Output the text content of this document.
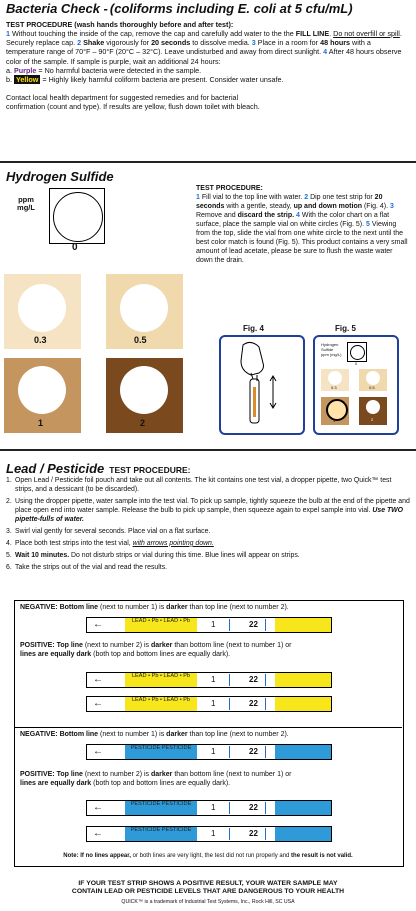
Bacteria Check - (coliforms including E. coli at 5 cfu/mL)

TEST PROCEDURE (wash hands thoroughly before and after test):

1 Without touching the inside of the cap, remove the cap and carefully add water to the the FILL LINE. Do not overfill or spill. Securely replace cap. 2 Shake vigorously for 20 seconds to dissolve media. 3 Place in a room for 48 hours with a temperature range of 70°F – 90°F (20°C – 32°C). Leave undisturbed and away from direct sunlight. 4 After 48 hours observe color of the sample. If sample is purple, wait an additional 24 hours:

a. Purple = No harmful bacteria were detected in the sample.

b. Yellow = Highly likely harmful coliform bacteria are present. Consider water unsafe.

Contact local health department for suggested remedies and for bacterial
confirmation (count and type). If results are yellow, flush down toilet with bleach.

Hydrogen Sulfide
ppm
mg/L
0
0.3	0.5
1	2

TEST PROCEDURE:

1 Fill vial to the top line with water. 2 Dip one test strip for 20 seconds with a gentle, steady, up and down motion (Fig. 4). 3 Remove and discard the strip. 4 With the color chart on a flat surface, place the sample vial on white circles (Fig. 5). 5 Viewing from the top, slide the vial from one white circle to the next until the best color match is found (Fig. 5). This product contains a very small amount of lead acetate, please be sure to flush the waste water down the drain.

Fig. 4	Fig. 5
Hydrogen
Sulfide
ppm (mg/L)
0
0.3	0.5
1	2
Lead / Pesticide TEST PROCEDURE:
1. Open Lead / Pesticide foil pouch and take out all contents. The kit contains one test vial, a dropper pipette, two Quick™ test strips, and a dessicant (to be discarded).
2. Using the dropper pipette, water sample into the test vial. To pick up sample, tightly squeeze the bulb at the end of the pipette and place open end into water sample. Release the bulb to pick up sample, then squeeze again to expel sample into vial. Use TWO pipette-fulls of water.
3. Swirl vial gently for several seconds. Place vial on a flat surface.
4. Place both test strips into the test vial, with arrows pointing down.
5. Wait 10 minutes. Do not disturb strips or vial during this time. Blue lines will appear on strips.
6. Take the strips out of the vial and read the results.
NEGATIVE: Bottom line (next to number 1) is darker than top line (next to number 2).
←	LEAD • Pb • LEAD • Pb	1	22
POSITIVE: Top line (next to number 2) is darker than bottom line (next to number 1) or
lines are equally dark (both top and bottom lines are equally dark).
←	LEAD • Pb • LEAD • Pb	1	22
←	LEAD • Pb • LEAD • Pb	1	22
NEGATIVE: Bottom line (next to number 1) is darker than top line (next to number 2).
←	PESTICIDE PESTICIDE	1	22
POSITIVE: Top line (next to number 2) is darker than bottom line (next to number 1) or
lines are equally dark (both top and bottom lines are equally dark).
←	PESTICIDE PESTICIDE	1	22
←	PESTICIDE PESTICIDE	1	22
Note: If no lines appear, or both lines are very light, the test did not run properly and the result is not valid.
IF YOUR TEST STRIP SHOWS A POSITIVE RESULT, YOUR WATER SAMPLE MAY
CONTAIN LEAD OR PESTICIDE LEVELS THAT ARE DANGEROUS TO YOUR HEALTH
QUICK™ is a trademark of Industrial Test Systems, Inc., Rock Hill, SC USA
